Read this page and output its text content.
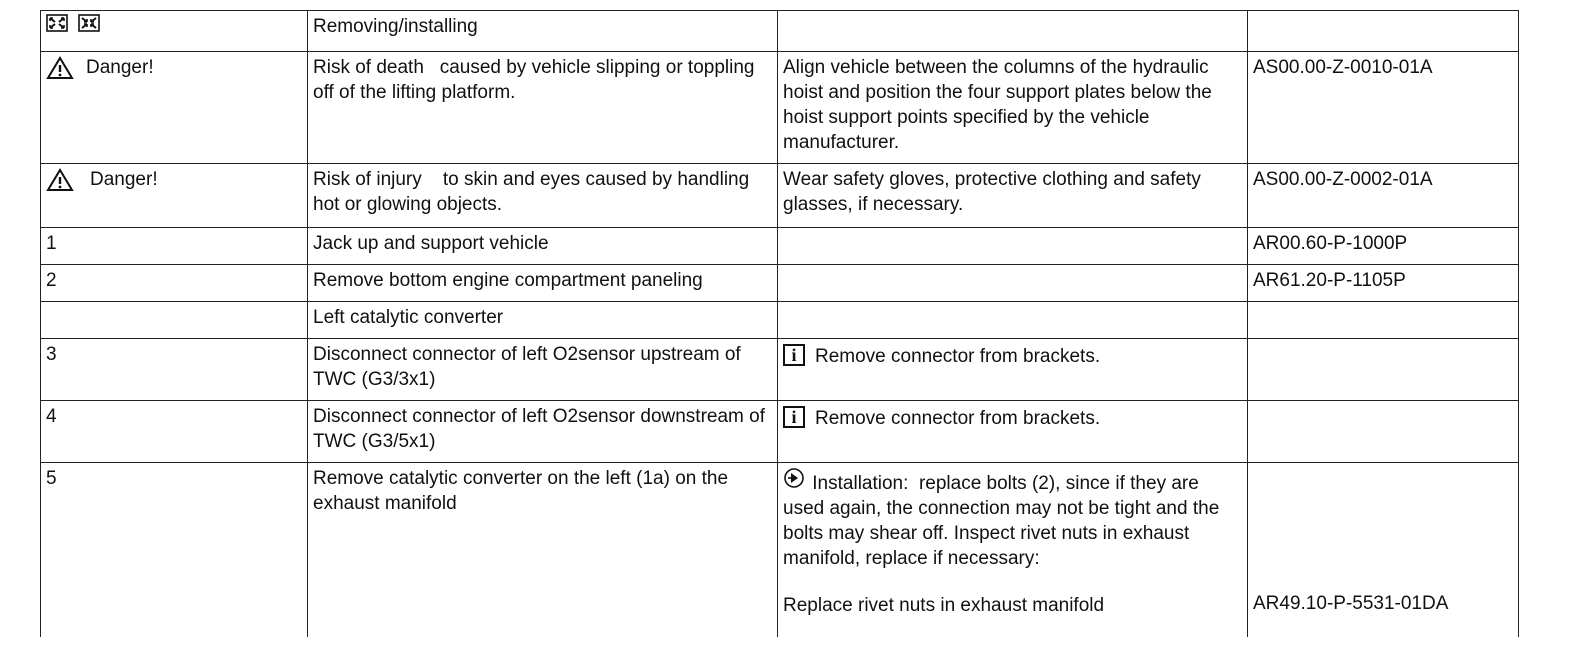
	Removing/installing		

Danger!	Risk of death   caused by vehicle slipping or toppling off of the lifting platform.	Align vehicle between the columns of the hydraulic hoist and position the four support plates below the hoist support points specified by the vehicle manufacturer.	AS00.00-Z-0010-01A

Danger!	Risk of injury    to skin and eyes caused by handling hot or glowing objects.	Wear safety gloves, protective clothing and safety glasses, if necessary.	AS00.00-Z-0002-01A
1	Jack up and support vehicle		AR00.60-P-1000P
2	Remove bottom engine compartment paneling		AR61.20-P-1105P
	Left catalytic converter		
3	Disconnect connector of left O2sensor upstream of TWC (G3/3x1)	i Remove connector from brackets.	

4	Disconnect connector of left O2sensor downstream of TWC (G3/5x1)	i Remove connector from brackets.	

5	Remove catalytic converter on the left (1a) on the exhaust manifold	Installation:  replace bolts (2), since if they are used again, the connection may not be tight and the bolts may shear off. Inspect rivet nuts in exhaust manifold, replace if necessary:
Replace rivet nuts in exhaust manifold	AR49.10-P-5531-01DA
